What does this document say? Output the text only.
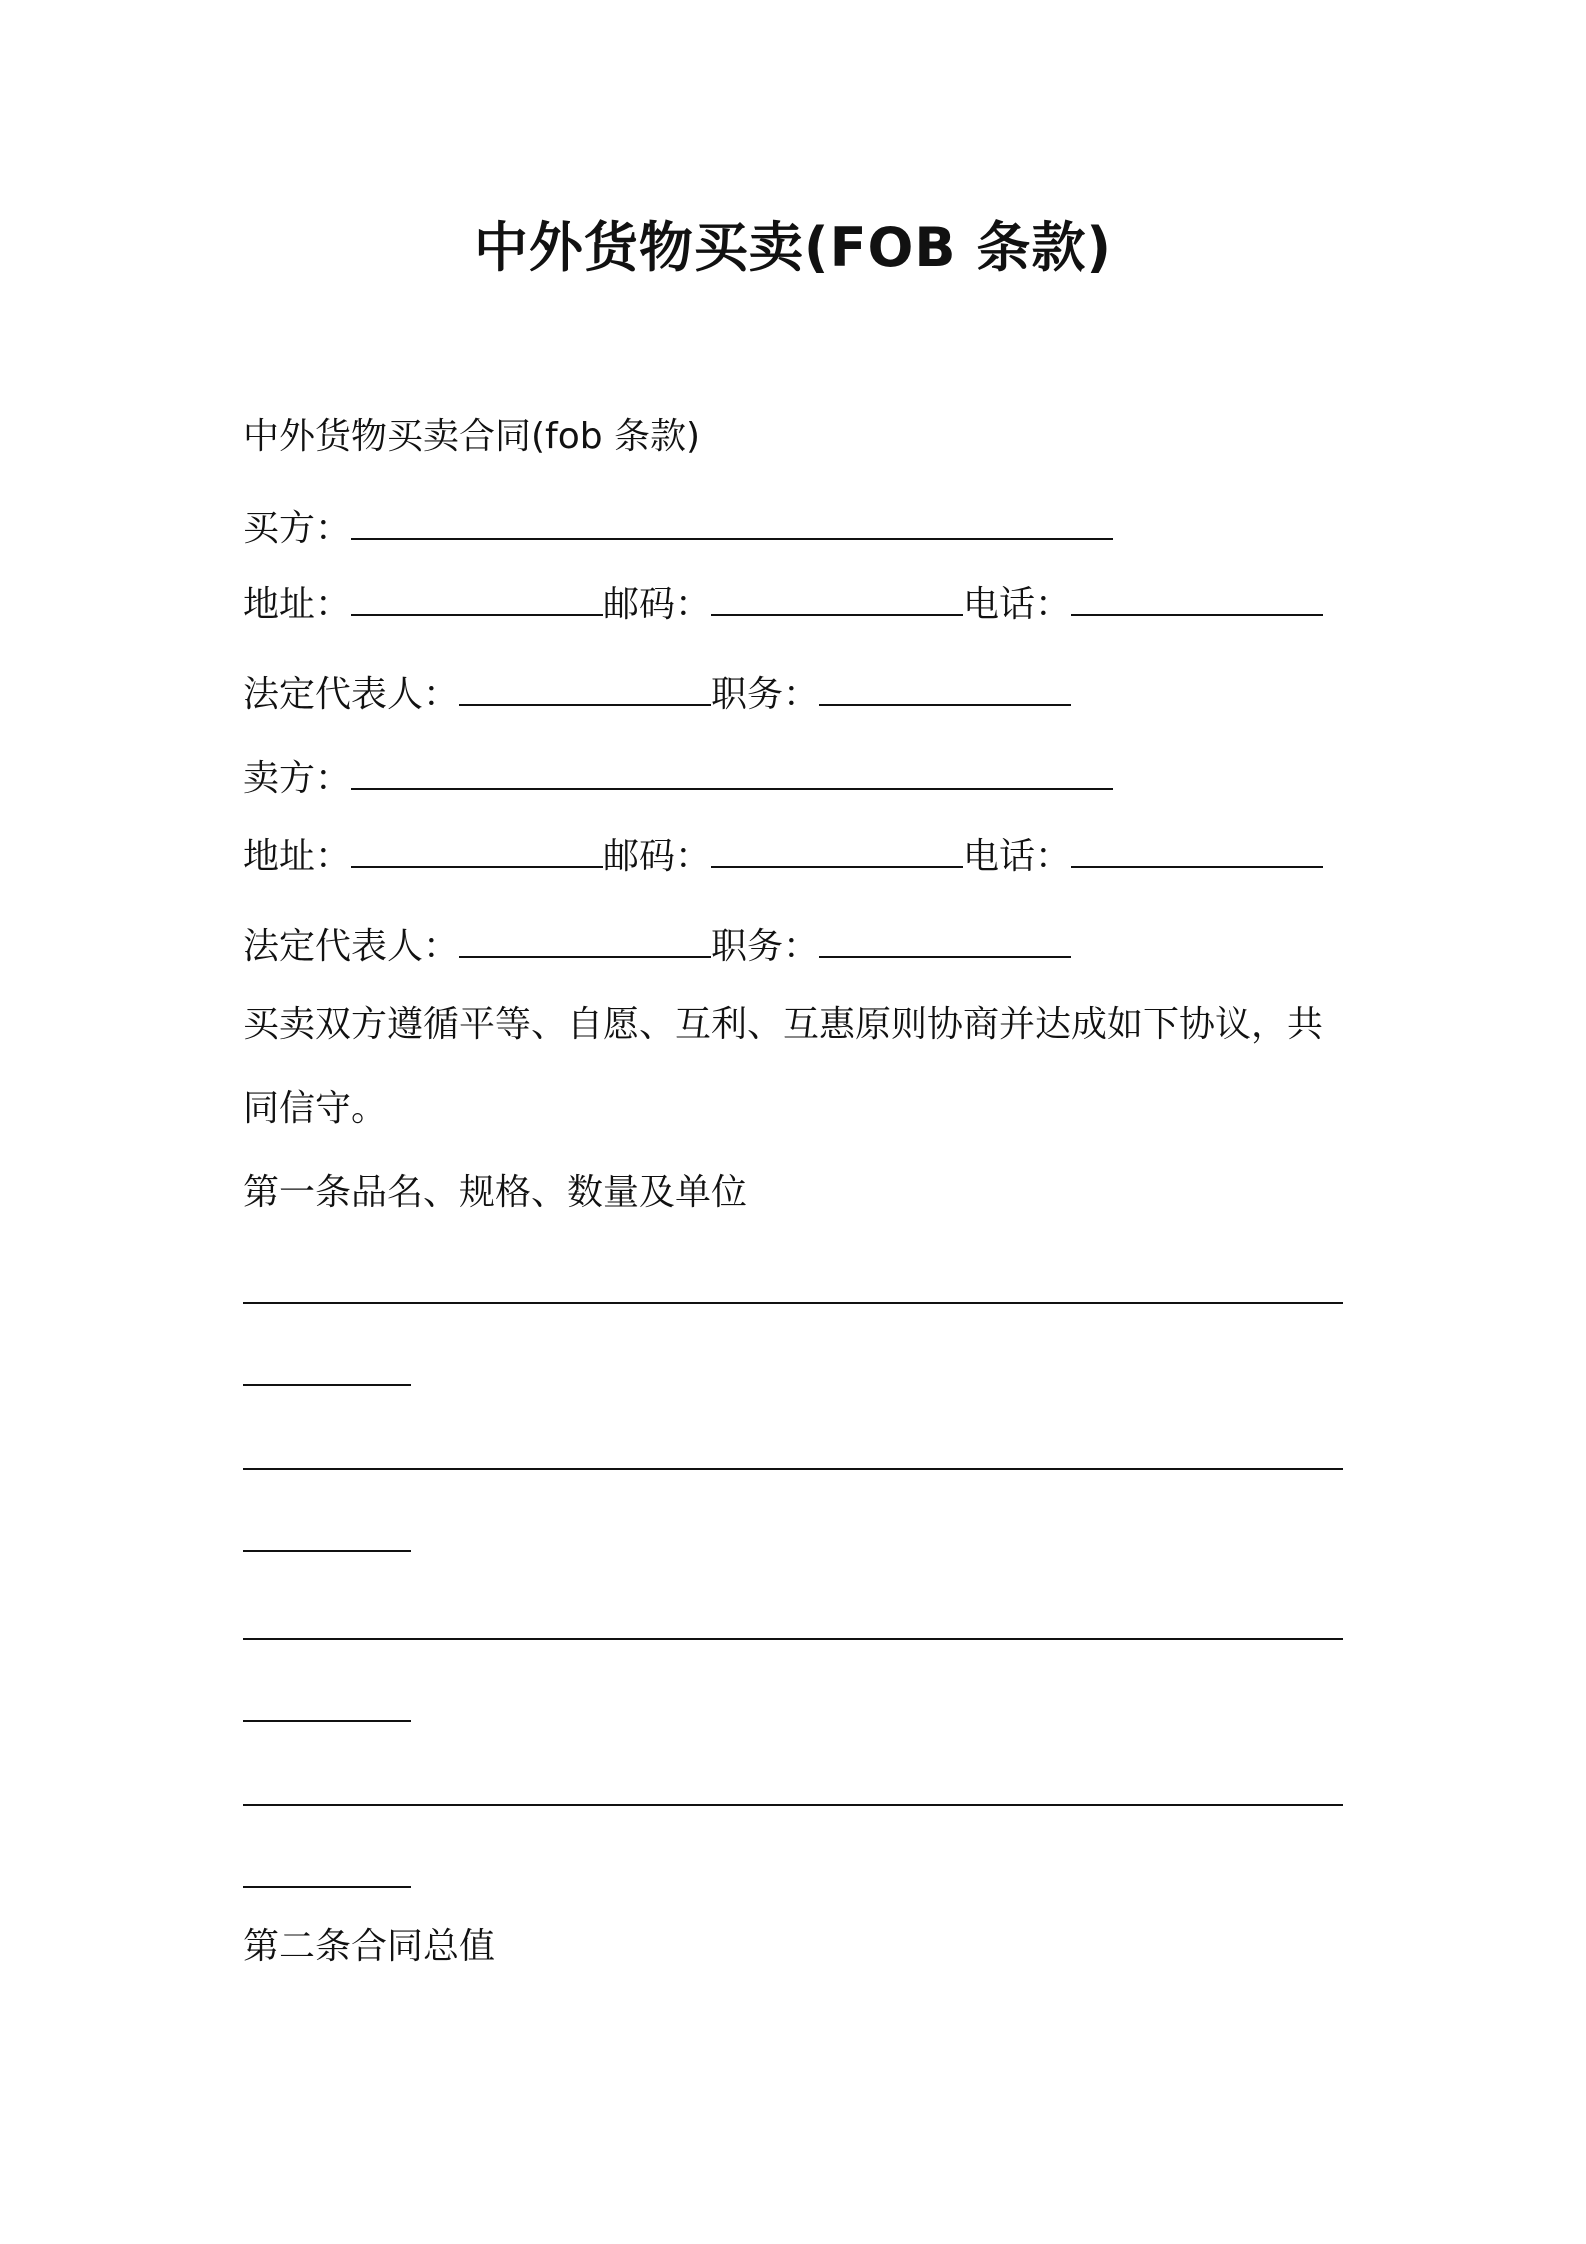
中外货物买卖(FOB 条款)

中外货物买卖合同(fob 条款)

买方：

地址：	邮码：	电话：

法定代表人：	职务：

卖方：

地址：	邮码：	电话：

法定代表人：	职务：

买卖双方遵循平等、自愿、互利、互惠原则协商并达成如下协议，共

同信守。

第一条品名、规格、数量及单位

第二条合同总值
